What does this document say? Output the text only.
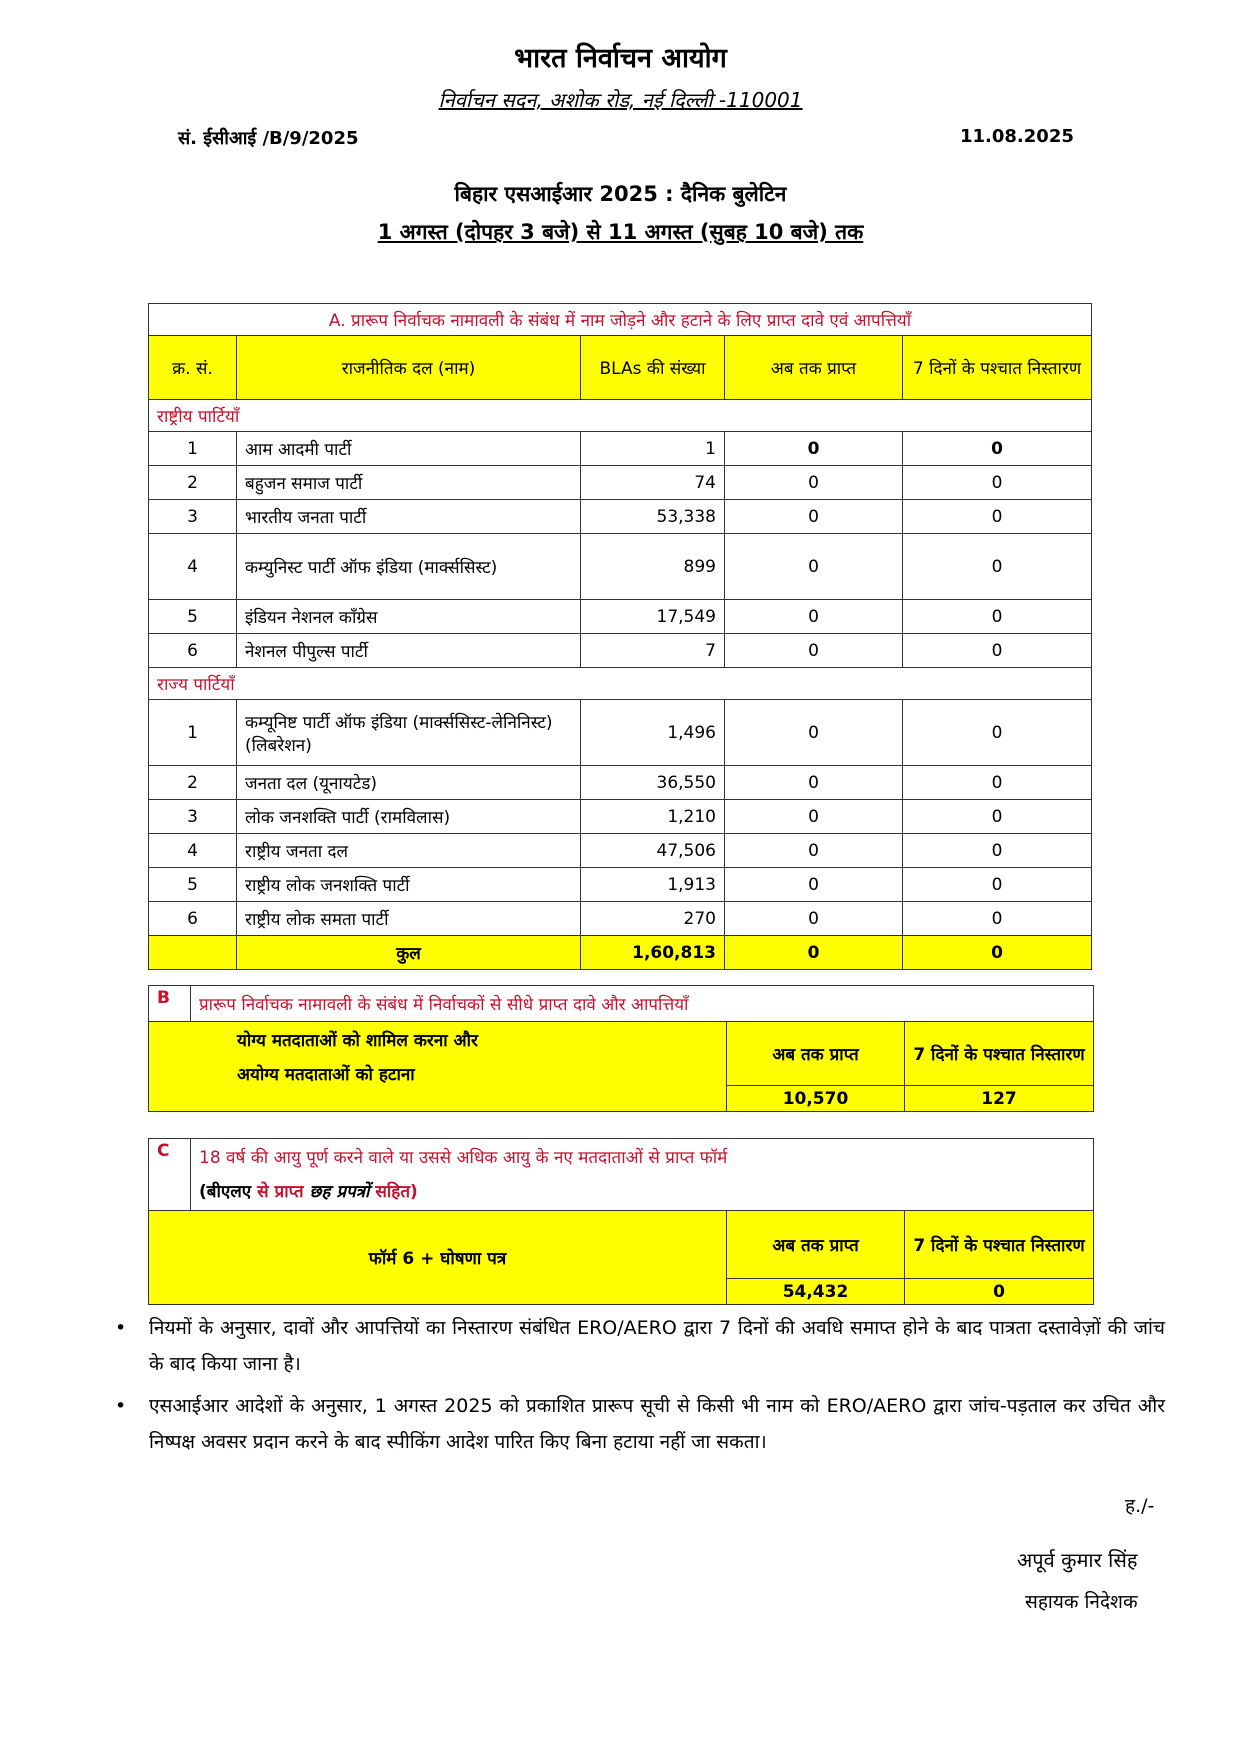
भारत निर्वाचन आयोग
निर्वाचन सदन, अशोक रोड, नई दिल्ली -110001
सं. ईसीआई /B/9/2025	11.08.2025
बिहार एसआईआर 2025 : दैनिक बुलेटिन
1 अगस्त (दोपहर 3 बजे) से 11 अगस्त (सुबह 10 बजे) तक
A. प्रारूप निर्वाचक नामावली के संबंध में नाम जोड़ने और हटाने के लिए प्राप्त दावे एवं आपत्तियाँ				
क्र. सं.	राजनीतिक दल (नाम)	BLAs की संख्या	अब तक प्राप्त	7 दिनों के पश्चात निस्तारण
राष्ट्रीय पार्टियाँ				
1	आम आदमी पार्टी	1	0	0
2	बहुजन समाज पार्टी	74	0	0
3	भारतीय जनता पार्टी	53,338	0	0
4	कम्युनिस्ट पार्टी ऑफ इंडिया (मार्क्ससिस्ट)	899	0	0
5	इंडियन नेशनल काँग्रेस	17,549	0	0
6	नेशनल पीपुल्स पार्टी	7	0	0
राज्य पार्टियाँ				
1	कम्यूनिष्ट पार्टी ऑफ इंडिया (मार्क्ससिस्ट-लेनिनिस्ट) (लिबरेशन)	1,496	0	0
2	जनता दल (यूनायटेड)	36,550	0	0
3	लोक जनशक्ति पार्टी (रामविलास)	1,210	0	0
4	राष्ट्रीय जनता दल	47,506	0	0
5	राष्ट्रीय लोक जनशक्ति पार्टी	1,913	0	0
6	राष्ट्रीय लोक समता पार्टी	270	0	0
	कुल	1,60,813	0	0
B	प्रारूप निर्वाचक नामावली के संबंध में निर्वाचकों से सीधे प्राप्त दावे और आपत्तियाँ		

योग्य मतदाताओं को शामिल करना और
अयोग्य मतदाताओं को हटाना		अब तक प्राप्त	7 दिनों के पश्चात निस्तारण
		10,570	127
C	18 वर्ष की आयु पूर्ण करने वाले या उससे अधिक आयु के नए मतदाताओं से प्राप्त फॉर्म
(बीएलए से प्राप्त छह प्रपत्रों सहित)		

फॉर्म 6 + घोषणा पत्र		अब तक प्राप्त	7 दिनों के पश्चात निस्तारण
		54,432	0
• नियमों के अनुसार, दावों और आपत्तियों का निस्तारण संबंधित ERO/AERO द्वारा 7 दिनों की अवधि समाप्त होने के बाद पात्रता दस्तावेज़ों की जांच के बाद किया जाना है।
• एसआईआर आदेशों के अनुसार, 1 अगस्त 2025 को प्रकाशित प्रारूप सूची से किसी भी नाम को ERO/AERO द्वारा जांच-पड़ताल कर उचित और निष्पक्ष अवसर प्रदान करने के बाद स्पीकिंग आदेश पारित किए बिना हटाया नहीं जा सकता।
ह./-
अपूर्व कुमार सिंह
सहायक निदेशक
